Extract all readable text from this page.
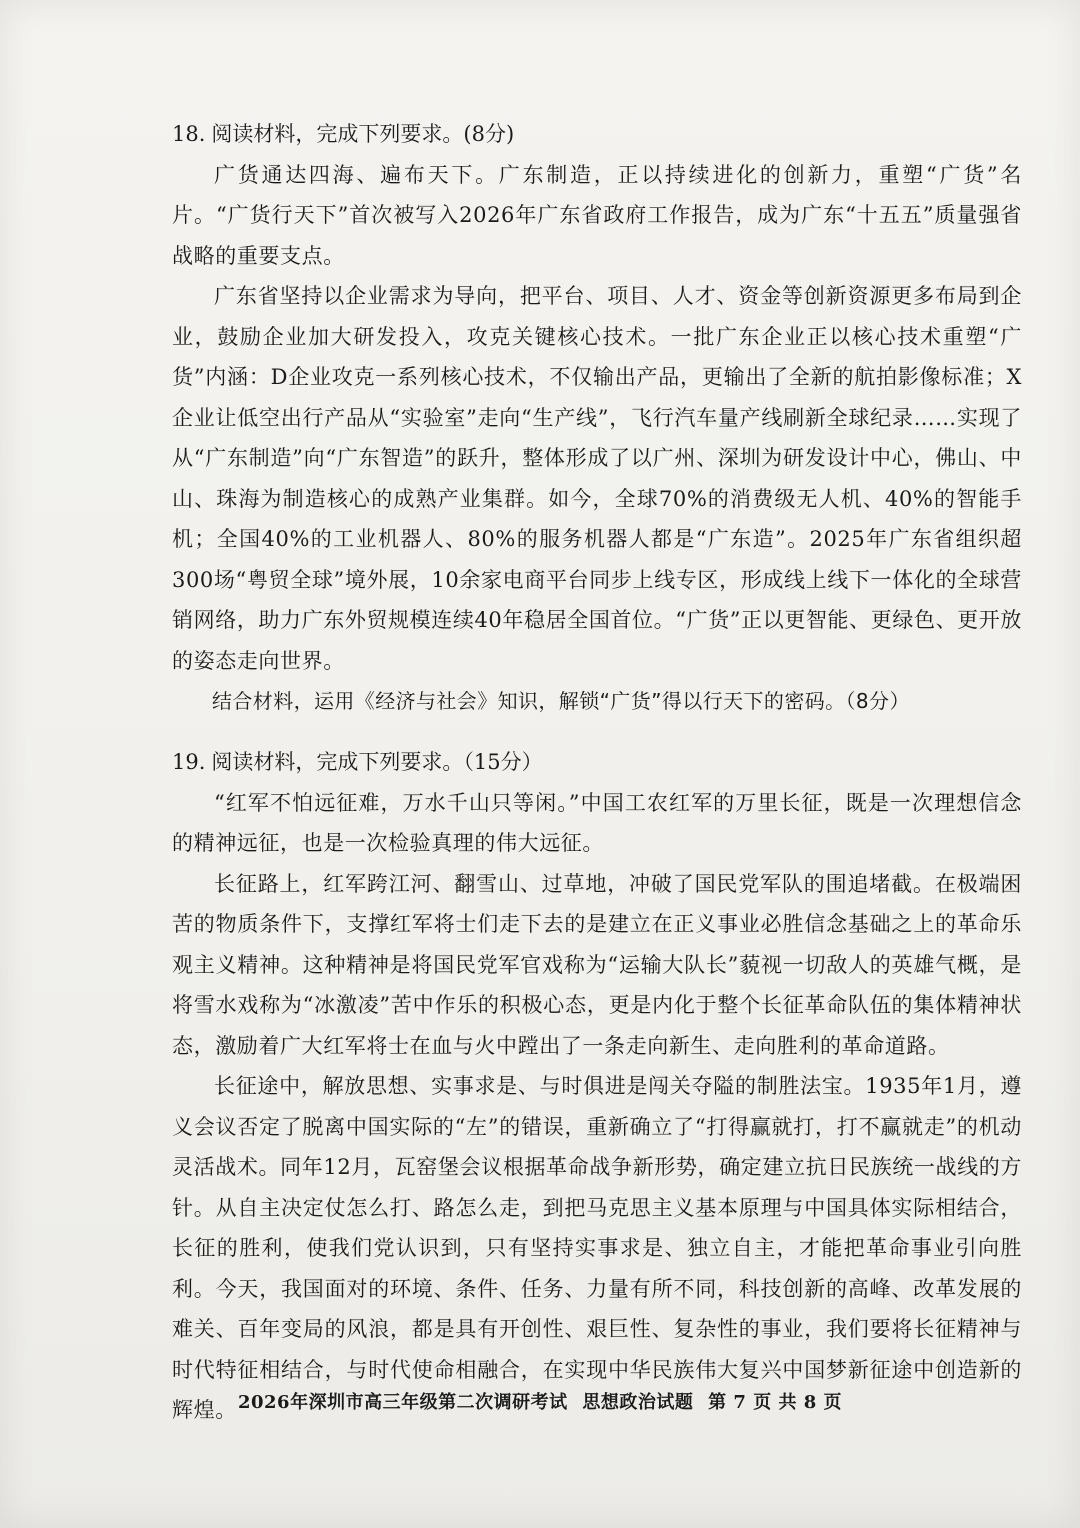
18. 阅读材料，完成下列要求。(8分)

广货通达四海、遍布天下。广东制造，正以持续进化的创新力，重塑“广货”名片。“广货行天下”首次被写入2026年广东省政府工作报告，成为广东“十五五”质量强省战略的重要支点。

广东省坚持以企业需求为导向，把平台、项目、人才、资金等创新资源更多布局到企业，鼓励企业加大研发投入，攻克关键核心技术。一批广东企业正以核心技术重塑“广货”内涵：D企业攻克一系列核心技术，不仅输出产品，更输出了全新的航拍影像标准；X企业让低空出行产品从“实验室”走向“生产线”，飞行汽车量产线刷新全球纪录……实现了从“广东制造”向“广东智造”的跃升，整体形成了以广州、深圳为研发设计中心，佛山、中山、珠海为制造核心的成熟产业集群。如今，全球70%的消费级无人机、40%的智能手机；全国40%的工业机器人、80%的服务机器人都是“广东造”。2025年广东省组织超300场“粤贸全球”境外展，10余家电商平台同步上线专区，形成线上线下一体化的全球营销网络，助力广东外贸规模连续40年稳居全国首位。“广货”正以更智能、更绿色、更开放的姿态走向世界。

结合材料，运用《经济与社会》知识，解锁“广货”得以行天下的密码。（8分）

19. 阅读材料，完成下列要求。（15分）

“红军不怕远征难，万水千山只等闲。”中国工农红军的万里长征，既是一次理想信念的精神远征，也是一次检验真理的伟大远征。

长征路上，红军跨江河、翻雪山、过草地，冲破了国民党军队的围追堵截。在极端困苦的物质条件下，支撑红军将士们走下去的是建立在正义事业必胜信念基础之上的革命乐观主义精神。这种精神是将国民党军官戏称为“运输大队长”藐视一切敌人的英雄气概，是将雪水戏称为“冰激凌”苦中作乐的积极心态，更是内化于整个长征革命队伍的集体精神状态，激励着广大红军将士在血与火中蹚出了一条走向新生、走向胜利的革命道路。

长征途中，解放思想、实事求是、与时俱进是闯关夺隘的制胜法宝。1935年1月，遵义会议否定了脱离中国实际的“左”的错误，重新确立了“打得赢就打，打不赢就走”的机动灵活战术。同年12月，瓦窑堡会议根据革命战争新形势，确定建立抗日民族统一战线的方针。从自主决定仗怎么打、路怎么走，到把马克思主义基本原理与中国具体实际相结合，长征的胜利，使我们党认识到，只有坚持实事求是、独立自主，才能把革命事业引向胜利。今天，我国面对的环境、条件、任务、力量有所不同，科技创新的高峰、改革发展的难关、百年变局的风浪，都是具有开创性、艰巨性、复杂性的事业，我们要将长征精神与时代特征相结合，与时代使命相融合，在实现中华民族伟大复兴中国梦新征途中创造新的辉煌。 2026年深圳市高三年级第二次调研考试 思想政治试题 第 7 页 共 8 页
